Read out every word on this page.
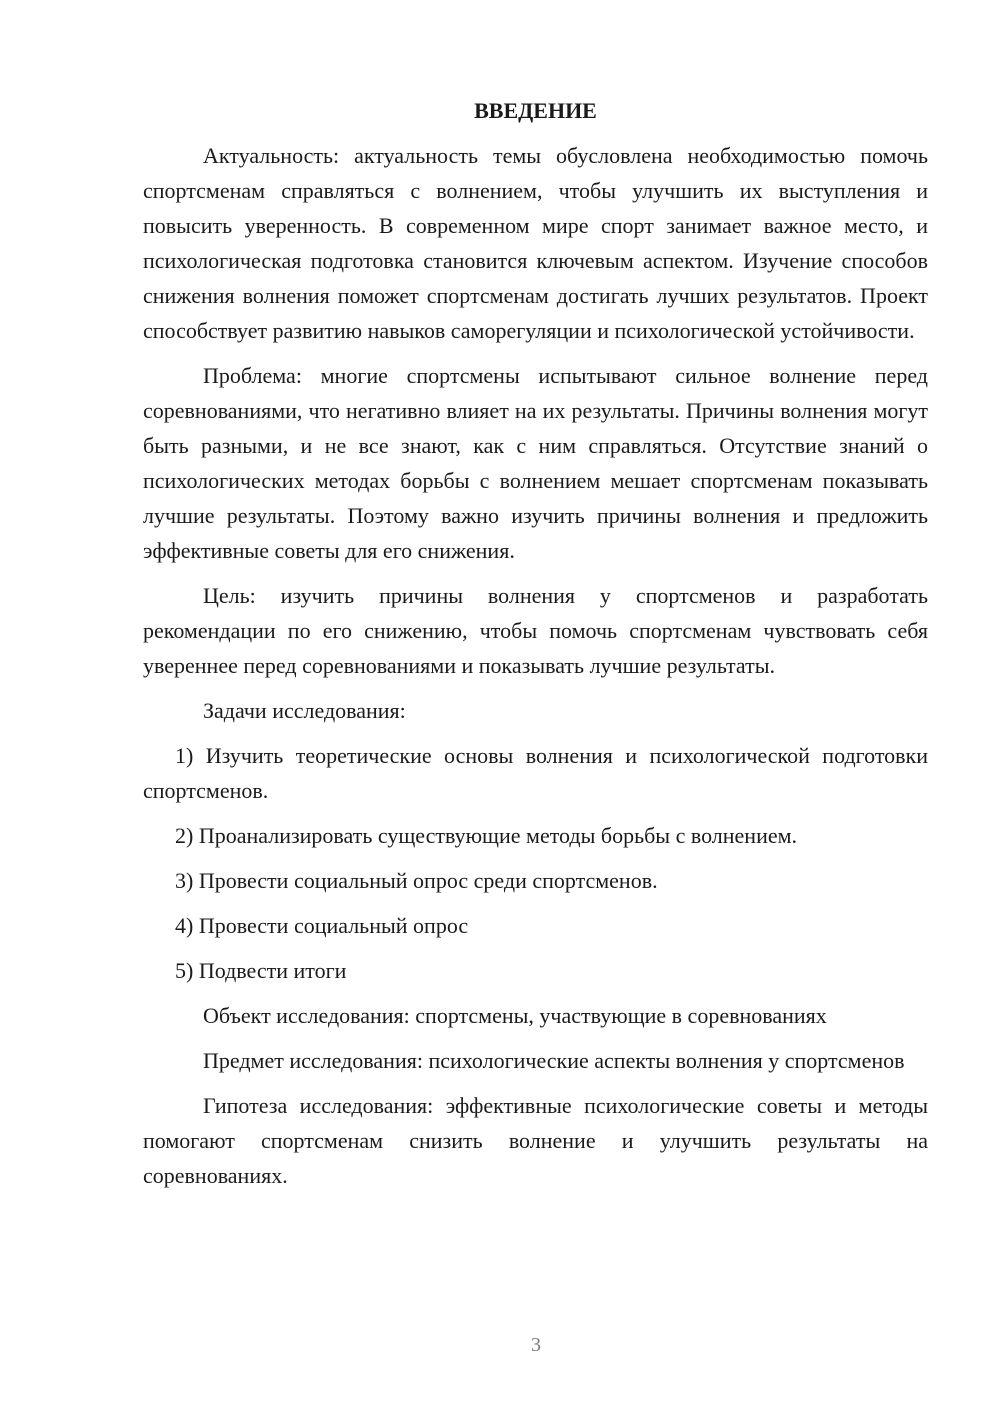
ВВЕДЕНИЕ

Актуальность: актуальность темы обусловлена необходимостью помочь спортсменам справляться с волнением, чтобы улучшить их выступления и повысить уверенность. В современном мире спорт занимает важное место, и психологическая подготовка становится ключевым аспектом. Изучение способов снижения волнения поможет спортсменам достигать лучших результатов. Проект способствует развитию навыков саморегуляции и психологической устойчивости.

Проблема: многие спортсмены испытывают сильное волнение перед соревнованиями, что негативно влияет на их результаты. Причины волнения могут быть разными, и не все знают, как с ним справляться. Отсутствие знаний о психологических методах борьбы с волнением мешает спортсменам показывать лучшие результаты. Поэтому важно изучить причины волнения и предложить эффективные советы для его снижения.

Цель: изучить причины волнения у спортсменов и разработать рекомендации по его снижению, чтобы помочь спортсменам чувствовать себя увереннее перед соревнованиями и показывать лучшие результаты.

Задачи исследования:

1) Изучить теоретические основы волнения и психологической подготовки спортсменов.

2) Проанализировать существующие методы борьбы с волнением.

3) Провести социальный опрос среди спортсменов.

4) Провести социальный опрос

5) Подвести итоги

Объект исследования: спортсмены, участвующие в соревнованиях

Предмет исследования: психологические аспекты волнения у спортсменов

Гипотеза исследования: эффективные психологические советы и методы помогают спортсменам снизить волнение и улучшить результаты на соревнованиях.

3
